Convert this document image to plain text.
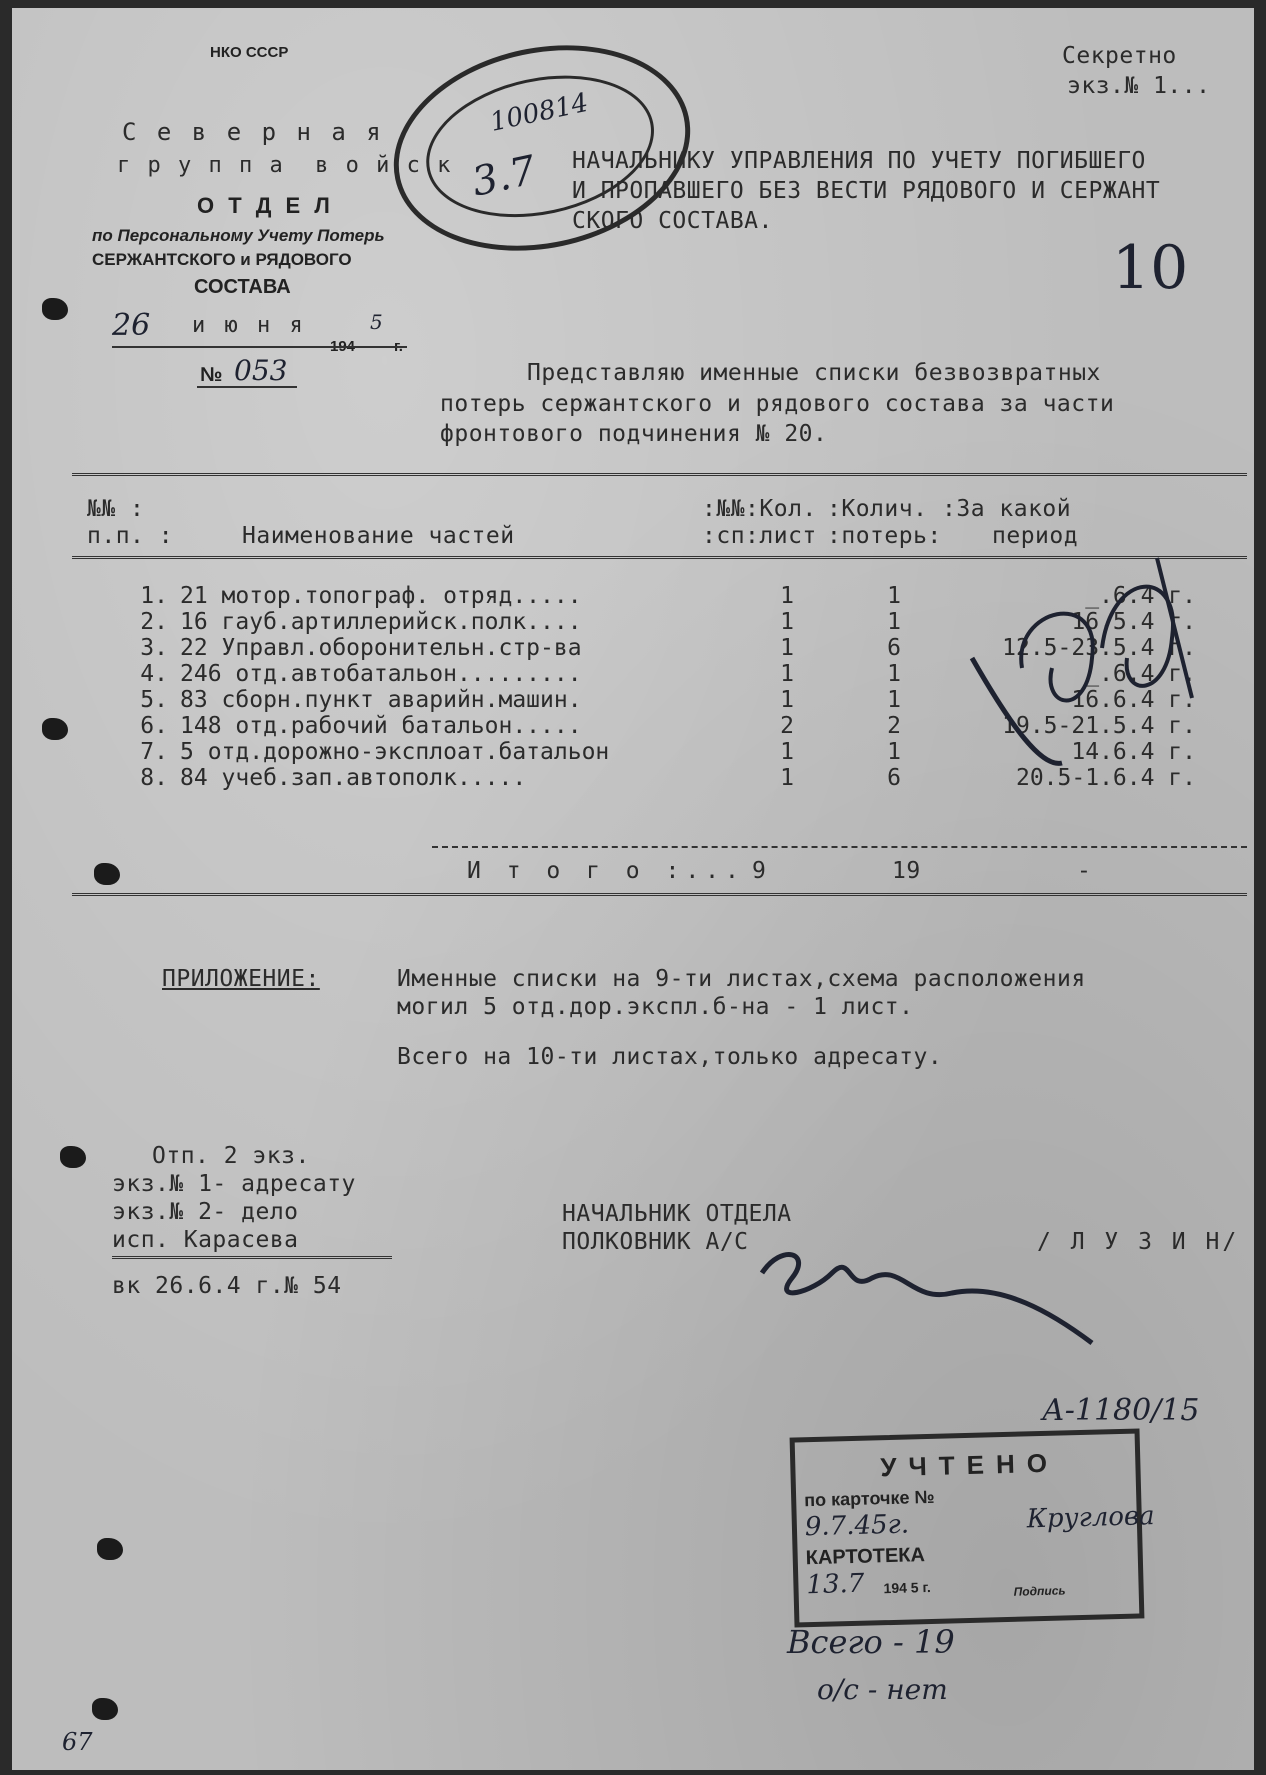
НКО СССР
С е в е р н а я
г р у п п а  в о й с к
О Т Д Е Л
по Персональному Учету Потерь
СЕРЖАНТСКОГО и РЯДОВОГО
СОСТАВА
26 и ю н я	5
194	г.
№ 053
100814
3.7
Секретно
экз.№ 1...
НАЧАЛЬНИКУ УПРАВЛЕНИЯ ПО УЧЕТУ ПОГИБШЕГО
И ПРОПАВШЕГО БЕЗ ВЕСТИ РЯДОВОГО И СЕРЖАНТ
СКОГО СОСТАВА.
10
Представляю именные списки безвозвратных
потерь сержантского и рядового состава за части
фронтового подчинения № 20.
№№ :	:№№:Кол. :Колич. :За какой
п.п. :	Наименование частей	:сп:лист :потерь: период
1.	21 мотор.топограф. отряд.....	1	1	_.6.4 г.
2.	16 гауб.артиллерийск.полк....	1	1	16.5.4 г.
3.	22 Управл.оборонительн.стр-ва	1	6	12.5-23.5.4 г.
4.	246 отд.автобатальон.........	1	1	_.6.4 г.
5.	83 сборн.пункт аварийн.машин.	1	1	16.6.4 г.
6.	148 отд.рабочий батальон.....	2	2	19.5-21.5.4 г.
7.	5 отд.дорожно-эксплоат.батальон	1	1	14.6.4 г.
8.	84 учеб.зап.автополк.....	1	6	20.5-1.6.4 г.
И т о г о :... 9	19	-
ПРИЛОЖЕНИЕ:	Именные списки на 9-ти листах,схема расположения
могил 5 отд.дор.экспл.б-на - 1 лист.
Всего на 10-ти листах,только адресату.
Отп. 2 экз.
экз.№ 1- адресату
экз.№ 2- дело
исп. Карасева
вк 26.6.4 г.№ 54
НАЧАЛЬНИК ОТДЕЛА
ПОЛКОВНИК А/С	/ Л У З И Н/
А-1180/15
УЧТЕНО
по карточке №
9.7.45г.
КАРТОТЕКА
13.7 194 5 г.	Подпись
Круглова
Всего - 19
о/с - нет
67
